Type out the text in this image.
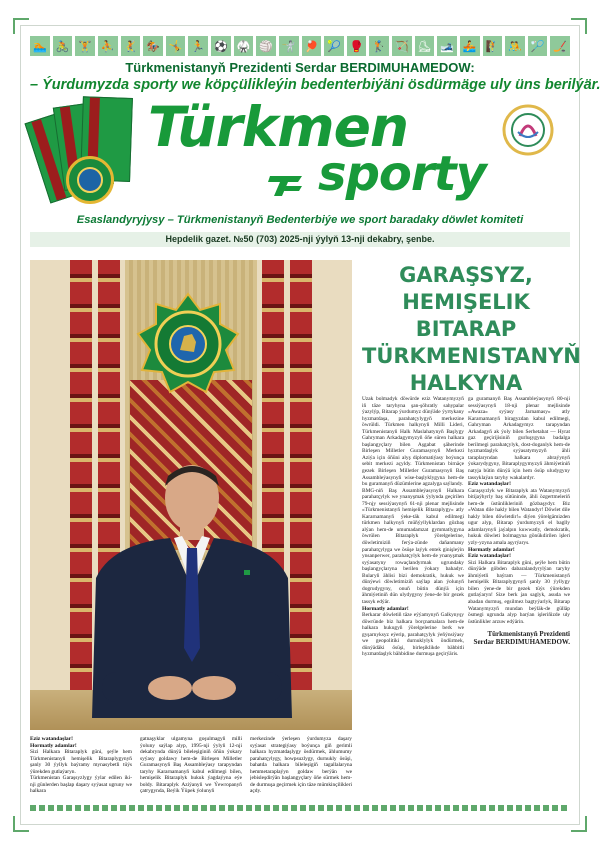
🏊 🚴 🏋 ⛹ 🤾 🏇 🤸 🏃 ⚽ 🥋 🏐 🤺 🏓 🎾 🥊 🏌 🏹 ⛸ 🎿 🚣 🧗 🤼 🏸 🏒
Türkmenistanyň Prezidenti Serdar BERDIMUHAMEDOW:
– Ýurdumyzda sporty we köpçülikleýin bedenterbiýäni ösdürmäge uly üns berilýär.
Türkmen
sporty
Esaslandyryjysy – Türkmenistanyň Bedenterbiýe we sport baradaky döwlet komiteti
Hepdelik gazet. №50 (703) 2025-nji ýylyň 13-nji dekabry, şenbe.
GARAŞSYZ, HEMIŞELIK BITARAP TÜRKMENISTANYŇ HALKYNA

Uzak bolmadyk döwürde eziz Watanymyzyň iň täze taryhyna şan-şöhratly sahypalar ýazylýp, Bitarap ýurdumyz dünýäde ýyrtykany hyzmatdaşa, parahatçylygyň merkezine öwrüldi. Türkmen halkynyň Milli Lideri, Türkmenistanyň Halk Maslahatynyň Başlygy Gahryman Arkadagymyzyň öňe süren halkara başlangyçlary bilen Aşgabat şäherinde Birleşen Milletler Guramasynyň Merkezi Aziýa için öňüni alyş diplomatiýasy boýunça sebit merkezi açyldy. Türkmenistan birnäçe gezek Birleşen Milletler Guramasynyň Baş Assambleýasynyň wise-başlyklygyna hem-de bu guramanyň düzümlerine agzalyga saýlandy.

BMG-niň Baş Assambleýasynyň Halkara parahatçylyk we ynanyşmak ýylynda geçirilen 79-njy sessiýasynyň 61-nji plenar mejlisinde «Türkmenistanyň hemişelik Bitaraplygy» atly Kararnamanyň ýeke-täk kabul edilmegi türkmen halkynyň müňýyllyklardan gözbaş alýan hem-de umumadamzat gymmatlygyna öwrülen Bitaraplyk ýörelgelerine, döwletimiziň ferýa-zünde daňanmany parahatçylyga we ösüşe laýyk entek ginişleýin ynsanperwer, parahatçylyk hem-de ynanyşmak syýasatyny rowaçlandyrmak ugrundaky başlangyçlaryna berilen ýokary bahadyr. Bularyň ählisi bizi demokratik, hukuk we dünýewi döwletimiziň saýlap alan ýolunyň dogrudygyny, onuň bütin dünýä için ähmiýetiniň dün ulydygyny ýene-de bir gezek tassyk edýär.

Hormatly adamlar!

Berkarar döwletiň täze eýýamynyň Galkynyşy döwründe biz halkara borçnamalara hem-de halkara hukugyň ýörelgelerine berk we gyşarnyksyz eýerip, parahatçylyk ýeňýnsiýasy we geopolitiki durnuklylyk öndürmek, dünýädäki ösüşi, birleşiklikde bähbitli hyzmatdaşlyk bähbidine durmuşa geçirýäris.

ga guramanyň Baş Assambleýasynyň 80-nji sessiýasynyň 18-nji plenar mejlisinde «Awaza» syýasy Jarnamasy» atly Kararnamanyň biragyzdan kabul edilmegi, Gahryman Arkadagymyz tarapyndan Arkadagyň ak ýoly bilen Serhetabat — Hyrat gaz geçirijisiniň gurluşygyna badalga berilmegi parahatçylyk, dost-doganlyk hem-de hyzmatdaşlyk syýasatymyzyň ähli taraplaryndan halkara abraýynyň ýokarydygyny, Bitaraplygymyzyň ähmiýetiniň natyja bütin dünýä için hem ösüp uludygyny tassyklaýan taryhy wakalardyr.

Eziz watandaşlar!

Garaşsyzlyk we Bitaraplyk ata Watanymyzyň bitijaýhyrly baş sütüninde, ähli özgertmeleriň hem-de üstünlikleriniň gözbaşydyr. Biz «Watan dile hakly bilen Watandyr! Döwlet dile hakly bilen döwletdir!» diýen ýörelgämizden ugur alyp, Bitarap ýurdumyzyň el baglly adamlarynyň jaýalpın kuwwatly, demokratik, hukuk döwleti bolmagyna gönükdirilen işleri yzly-yzyna amala aşyrýarys.

Hormatly adamlar!

Eziz watandaşlar!

Sizi Halkara Bitaraplyk güni, şeýle hem bütin dünýäde göbden dabaralandyrylýan taryhy ähmiýetli baýram — Türkmenistanyň hemişelik Bitaraplygynyň şanly 30 ýyllygy bilen ýene-de bir gezek tüýs ýürekden gutlaýaryn! Size berk jan saglyk, asuda we abadan durmuş, egsilmez bagtyýarlyk, Bitarap Watanymyzyň mundan beýläk-de gülläp ösmegi ugrunda alyp barýan işleriňizde uly üstünlikler arzuw edýärin.

Türkmenistanyň Prezidenti
Serdar BERDIMUHAMEDOW.

Eziz watandaşlar!

Hormatly adamlar!

Sizi Halkara Bitaraplyk güni, şeýle hem Türkmenistanyň hemişelik Bitaraplygynyň şanly 30 ýyllyk baýramy mynasybetli tüýs ýürekden gutlaýaryn.

Türkmenistan Garaşsyzlygy ýylar edilen iki-nji günlerden başlap daşary syýasat ugruny we halkara

gatnaşyklar ulgamyna goşulmagyň milli ýoluny saýlap alyp, 1995-nji ýylyň 12-nji dekabrynda dünýä bileleşiginiň öňün ýokary syýasy goldawy hem-de Birleşen Milletler Guramasynyň Baş Assambleýasy tarapyndan taryhy Kararnamanyň kabul edilmegi bilen, hemişelik Bitaraplyk hukuk ýagdaýyna eýe boldy. Bitaraplyk Aziýanyň we Ýewropanyň çatrygynda, Beýik Ýüpek ýolunyň

merkezinde ýerleşen ýurdumyza daşary syýasat strategiýasy boýunça giň gerimli halkara hyzmatdaşlygy ösdürmek, ählumumy parahatçylygy, howpsuzlygy, durnukly ösüşi, bahatda halkara bileleşigiň tagallalaryna hemmetaraplaýyn goldaw berýän we jebisleşdirýän başlangyçlary öňe sürmek hem-de durmuşa geçirmek için täze mümkinçilikleri açdy.
